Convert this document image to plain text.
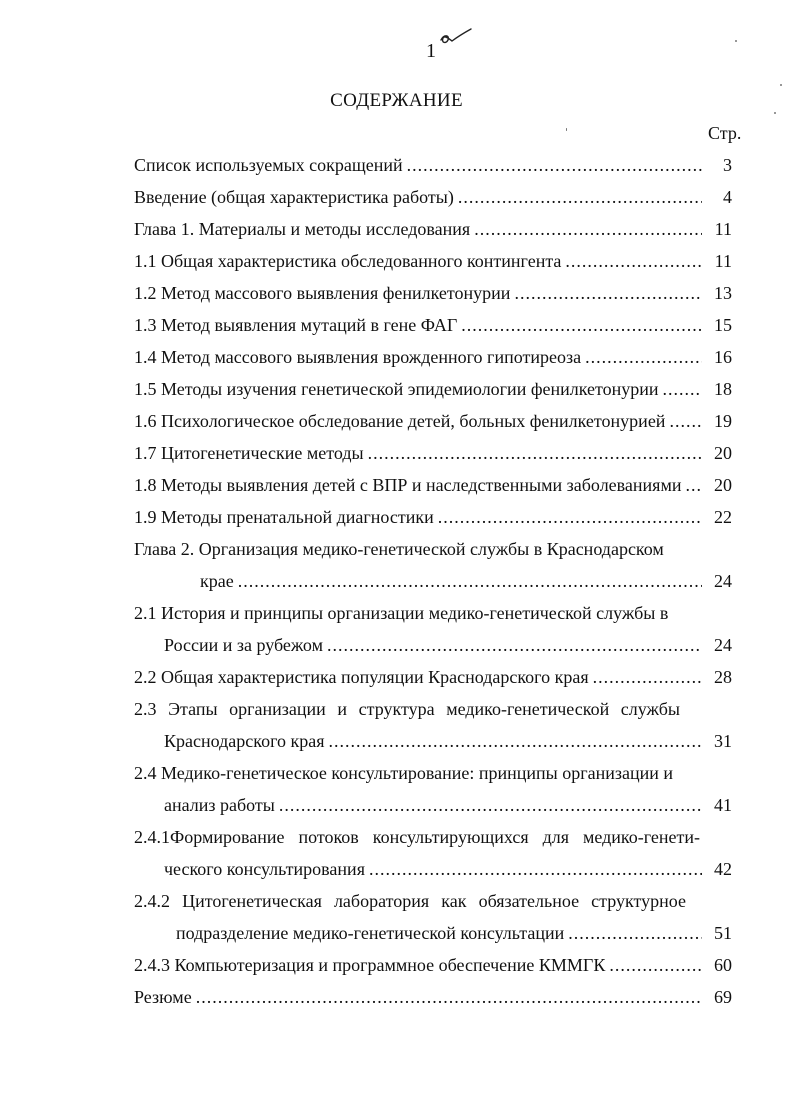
1
СОДЕРЖАНИЕ
Стр.
Список используемых сокращений .....	3
Введение (общая характеристика работы) .....	4
Глава 1. Материалы и методы исследования .....	11
1.1 Общая характеристика обследованного контингента .....	11
1.2 Метод массового выявления фенилкетонурии .....	13
1.3 Метод выявления мутаций в гене ФАГ .....	15
1.4 Метод массового выявления врожденного гипотиреоза .....	16
1.5 Методы изучения генетической эпидемиологии фенилкетонурии .....	18
1.6 Психологическое обследование детей, больных фенилкетонурией .....	19
1.7 Цитогенетические методы .....	20
1.8 Методы выявления детей с ВПР и наследственными заболеваниями .....	20
1.9 Методы пренатальной диагностики .....	22
Глава 2. Организация медико-генетической службы в Краснодарском
крае .....	24
2.1 История и принципы организации медико-генетической службы в
России и за рубежом .....	24
2.2 Общая характеристика популяции Краснодарского края .....	28
2.3 Этапы организации и структура медико-генетической службы
Краснодарского края .....	31
2.4 Медико-генетическое консультирование: принципы организации и
анализ работы .....	41
2.4.1Формирование потоков консультирующихся для медико-генети-
ческого консультирования .....	42
2.4.2 Цитогенетическая лаборатория как обязательное структурное
подразделение медико-генетической консультации .....	51
2.4.3 Компьютеризация и программное обеспечение КММГК .....	60
Резюме .....	69
